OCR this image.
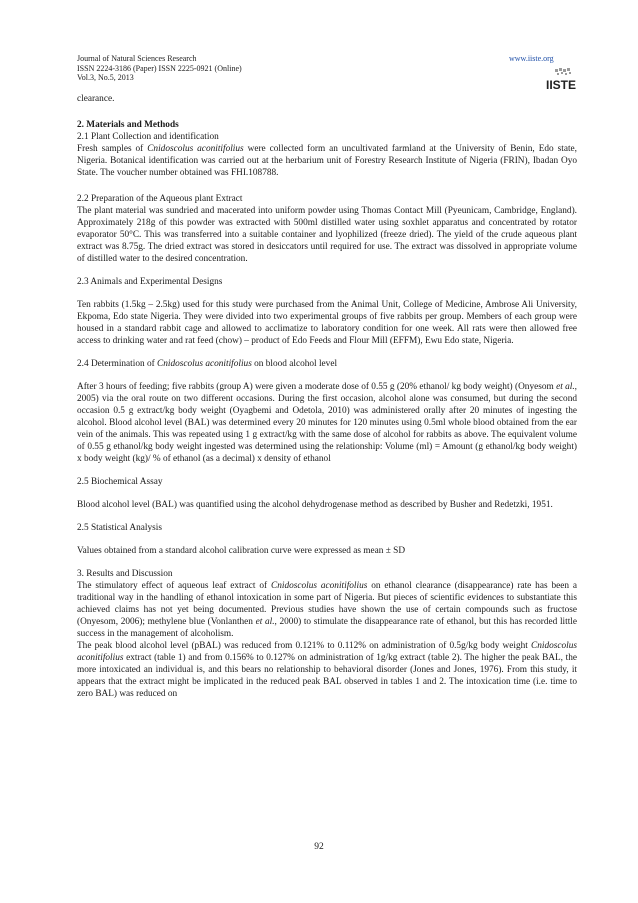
Journal of Natural Sciences Research
ISSN 2224-3186 (Paper) ISSN 2225-0921 (Online)
Vol.3, No.5, 2013
www.iiste.org
IISTE

clearance.

2. Materials and Methods

2.1 Plant Collection and identification

Fresh samples of Cnidoscolus aconitifolius were collected form an uncultivated farmland at the University of Benin, Edo state, Nigeria. Botanical identification was carried out at the herbarium unit of Forestry Research Institute of Nigeria (FRIN), Ibadan Oyo State. The voucher number obtained was FHI.108788.

2.2 Preparation of the Aqueous plant Extract

The plant material was sundried and macerated into uniform powder using Thomas Contact Mill (Pyeunicam, Cambridge, England). Approximately 218g of this powder was extracted with 500ml distilled water using soxhlet apparatus and concentrated by rotator evaporator 50°C. This was transferred into a suitable container and lyophilized (freeze dried). The yield of the crude aqueous plant extract was 8.75g. The dried extract was stored in desiccators until required for use. The extract was dissolved in appropriate volume of distilled water to the desired concentration.

2.3 Animals and Experimental Designs

Ten rabbits (1.5kg – 2.5kg) used for this study were purchased from the Animal Unit, College of Medicine, Ambrose Ali University, Ekpoma, Edo state Nigeria. They were divided into two experimental groups of five rabbits per group. Members of each group were housed in a standard rabbit cage and allowed to acclimatize to laboratory condition for one week. All rats were then allowed free access to drinking water and rat feed (chow) – product of Edo Feeds and Flour Mill (EFFM), Ewu Edo state, Nigeria.

2.4 Determination of Cnidoscolus aconitifolius on blood alcohol level

After 3 hours of feeding; five rabbits (group A) were given a moderate dose of 0.55 g (20% ethanol/ kg body weight) (Onyesom et al., 2005) via the oral route on two different occasions. During the first occasion, alcohol alone was consumed, but during the second occasion 0.5 g extract/kg body weight (Oyagbemi and Odetola, 2010) was administered orally after 20 minutes of ingesting the alcohol. Blood alcohol level (BAL) was determined every 20 minutes for 120 minutes using 0.5ml whole blood obtained from the ear vein of the animals. This was repeated using 1 g extract/kg with the same dose of alcohol for rabbits as above. The equivalent volume of 0.55 g ethanol/kg body weight ingested was determined using the relationship: Volume (ml) = Amount (g ethanol/kg body weight) x body weight (kg)/ % of ethanol (as a decimal) x density of ethanol

2.5 Biochemical Assay

Blood alcohol level (BAL) was quantified using the alcohol dehydrogenase method as described by Busher and Redetzki, 1951.

2.5 Statistical Analysis

Values obtained from a standard alcohol calibration curve were expressed as mean ± SD

3. Results and Discussion

The stimulatory effect of aqueous leaf extract of Cnidoscolus aconitifolius on ethanol clearance (disappearance) rate has been a traditional way in the handling of ethanol intoxication in some part of Nigeria. But pieces of scientific evidences to substantiate this achieved claims has not yet being documented. Previous studies have shown the use of certain compounds such as fructose (Onyesom, 2006); methylene blue (Vonlanthen et al., 2000) to stimulate the disappearance rate of ethanol, but this has recorded little success in the management of alcoholism.

The peak blood alcohol level (pBAL) was reduced from 0.121% to 0.112% on administration of 0.5g/kg body weight Cnidoscolus aconitifolius extract (table 1) and from 0.156% to 0.127% on administration of 1g/kg extract (table 2). The higher the peak BAL, the more intoxicated an individual is, and this bears no relationship to behavioral disorder (Jones and Jones, 1976). From this study, it appears that the extract might be implicated in the reduced peak BAL observed in tables 1 and 2. The intoxication time (i.e. time to zero BAL) was reduced on

92
